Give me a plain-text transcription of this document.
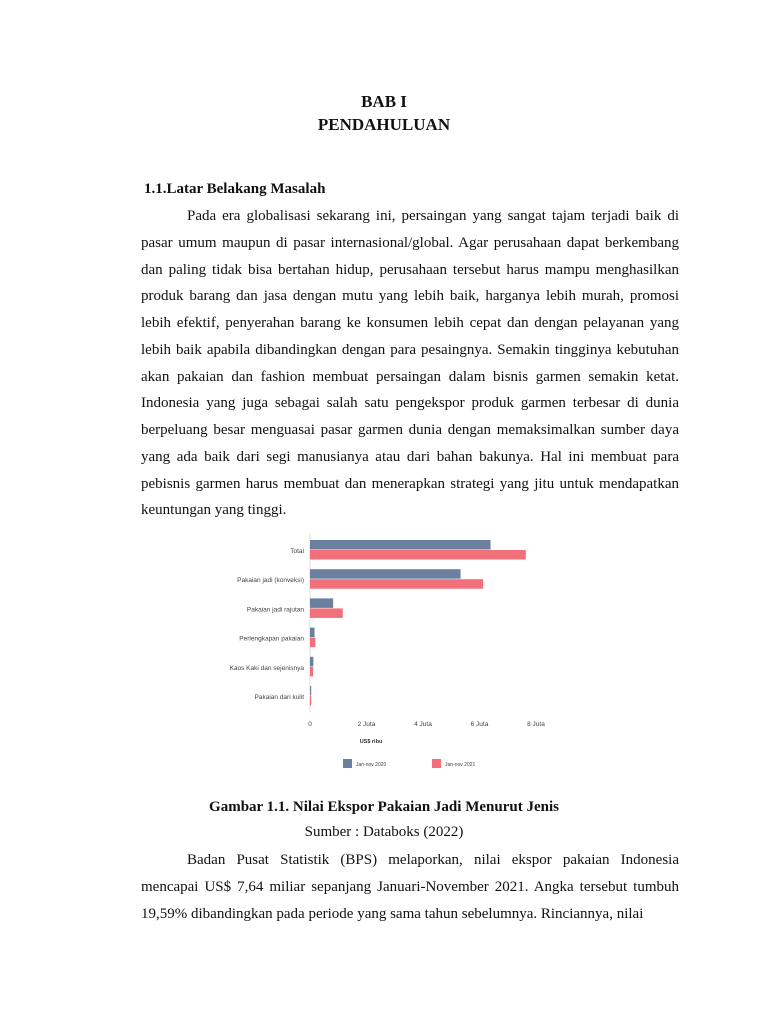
BAB I
PENDAHULUAN
1.1.Latar Belakang Masalah

Pada era globalisasi sekarang ini, persaingan yang sangat tajam terjadi baik di pasar umum maupun di pasar internasional/global. Agar perusahaan dapat berkembang dan paling tidak bisa bertahan hidup, perusahaan tersebut harus mampu menghasilkan produk barang dan jasa dengan mutu yang lebih baik, harganya lebih murah, promosi lebih efektif, penyerahan barang ke konsumen lebih cepat dan dengan pelayanan yang lebih baik apabila dibandingkan dengan para pesaingnya. Semakin tingginya kebutuhan akan pakaian dan fashion membuat persaingan dalam bisnis garmen semakin ketat. Indonesia yang juga sebagai salah satu pengekspor produk garmen terbesar di dunia berpeluang besar menguasai pasar garmen dunia dengan memaksimalkan sumber daya yang ada baik dari segi manusianya atau dari bahan bakunya. Hal ini membuat para pebisnis garmen harus membuat dan menerapkan strategi yang jitu untuk mendapatkan keuntungan yang tinggi.

Total
Pakaian jadi (konveksi)
Pakaian jadi rajutan
Perlengkapan pakaian
Kaos Kaki dan sejenisnya
Pakaian dari kulit
0	2 Juta	4 Juta	6 Juta	8 Juta
US$ ribu
Jan-nov 2020	Jan-nov 2021
Gambar 1.1. Nilai Ekspor Pakaian Jadi Menurut Jenis
Sumber : Databoks (2022)

Badan Pusat Statistik (BPS) melaporkan, nilai ekspor pakaian Indonesia mencapai US$ 7,64 miliar sepanjang Januari-November 2021. Angka tersebut tumbuh 19,59% dibandingkan pada periode yang sama tahun sebelumnya. Rinciannya, nilai
